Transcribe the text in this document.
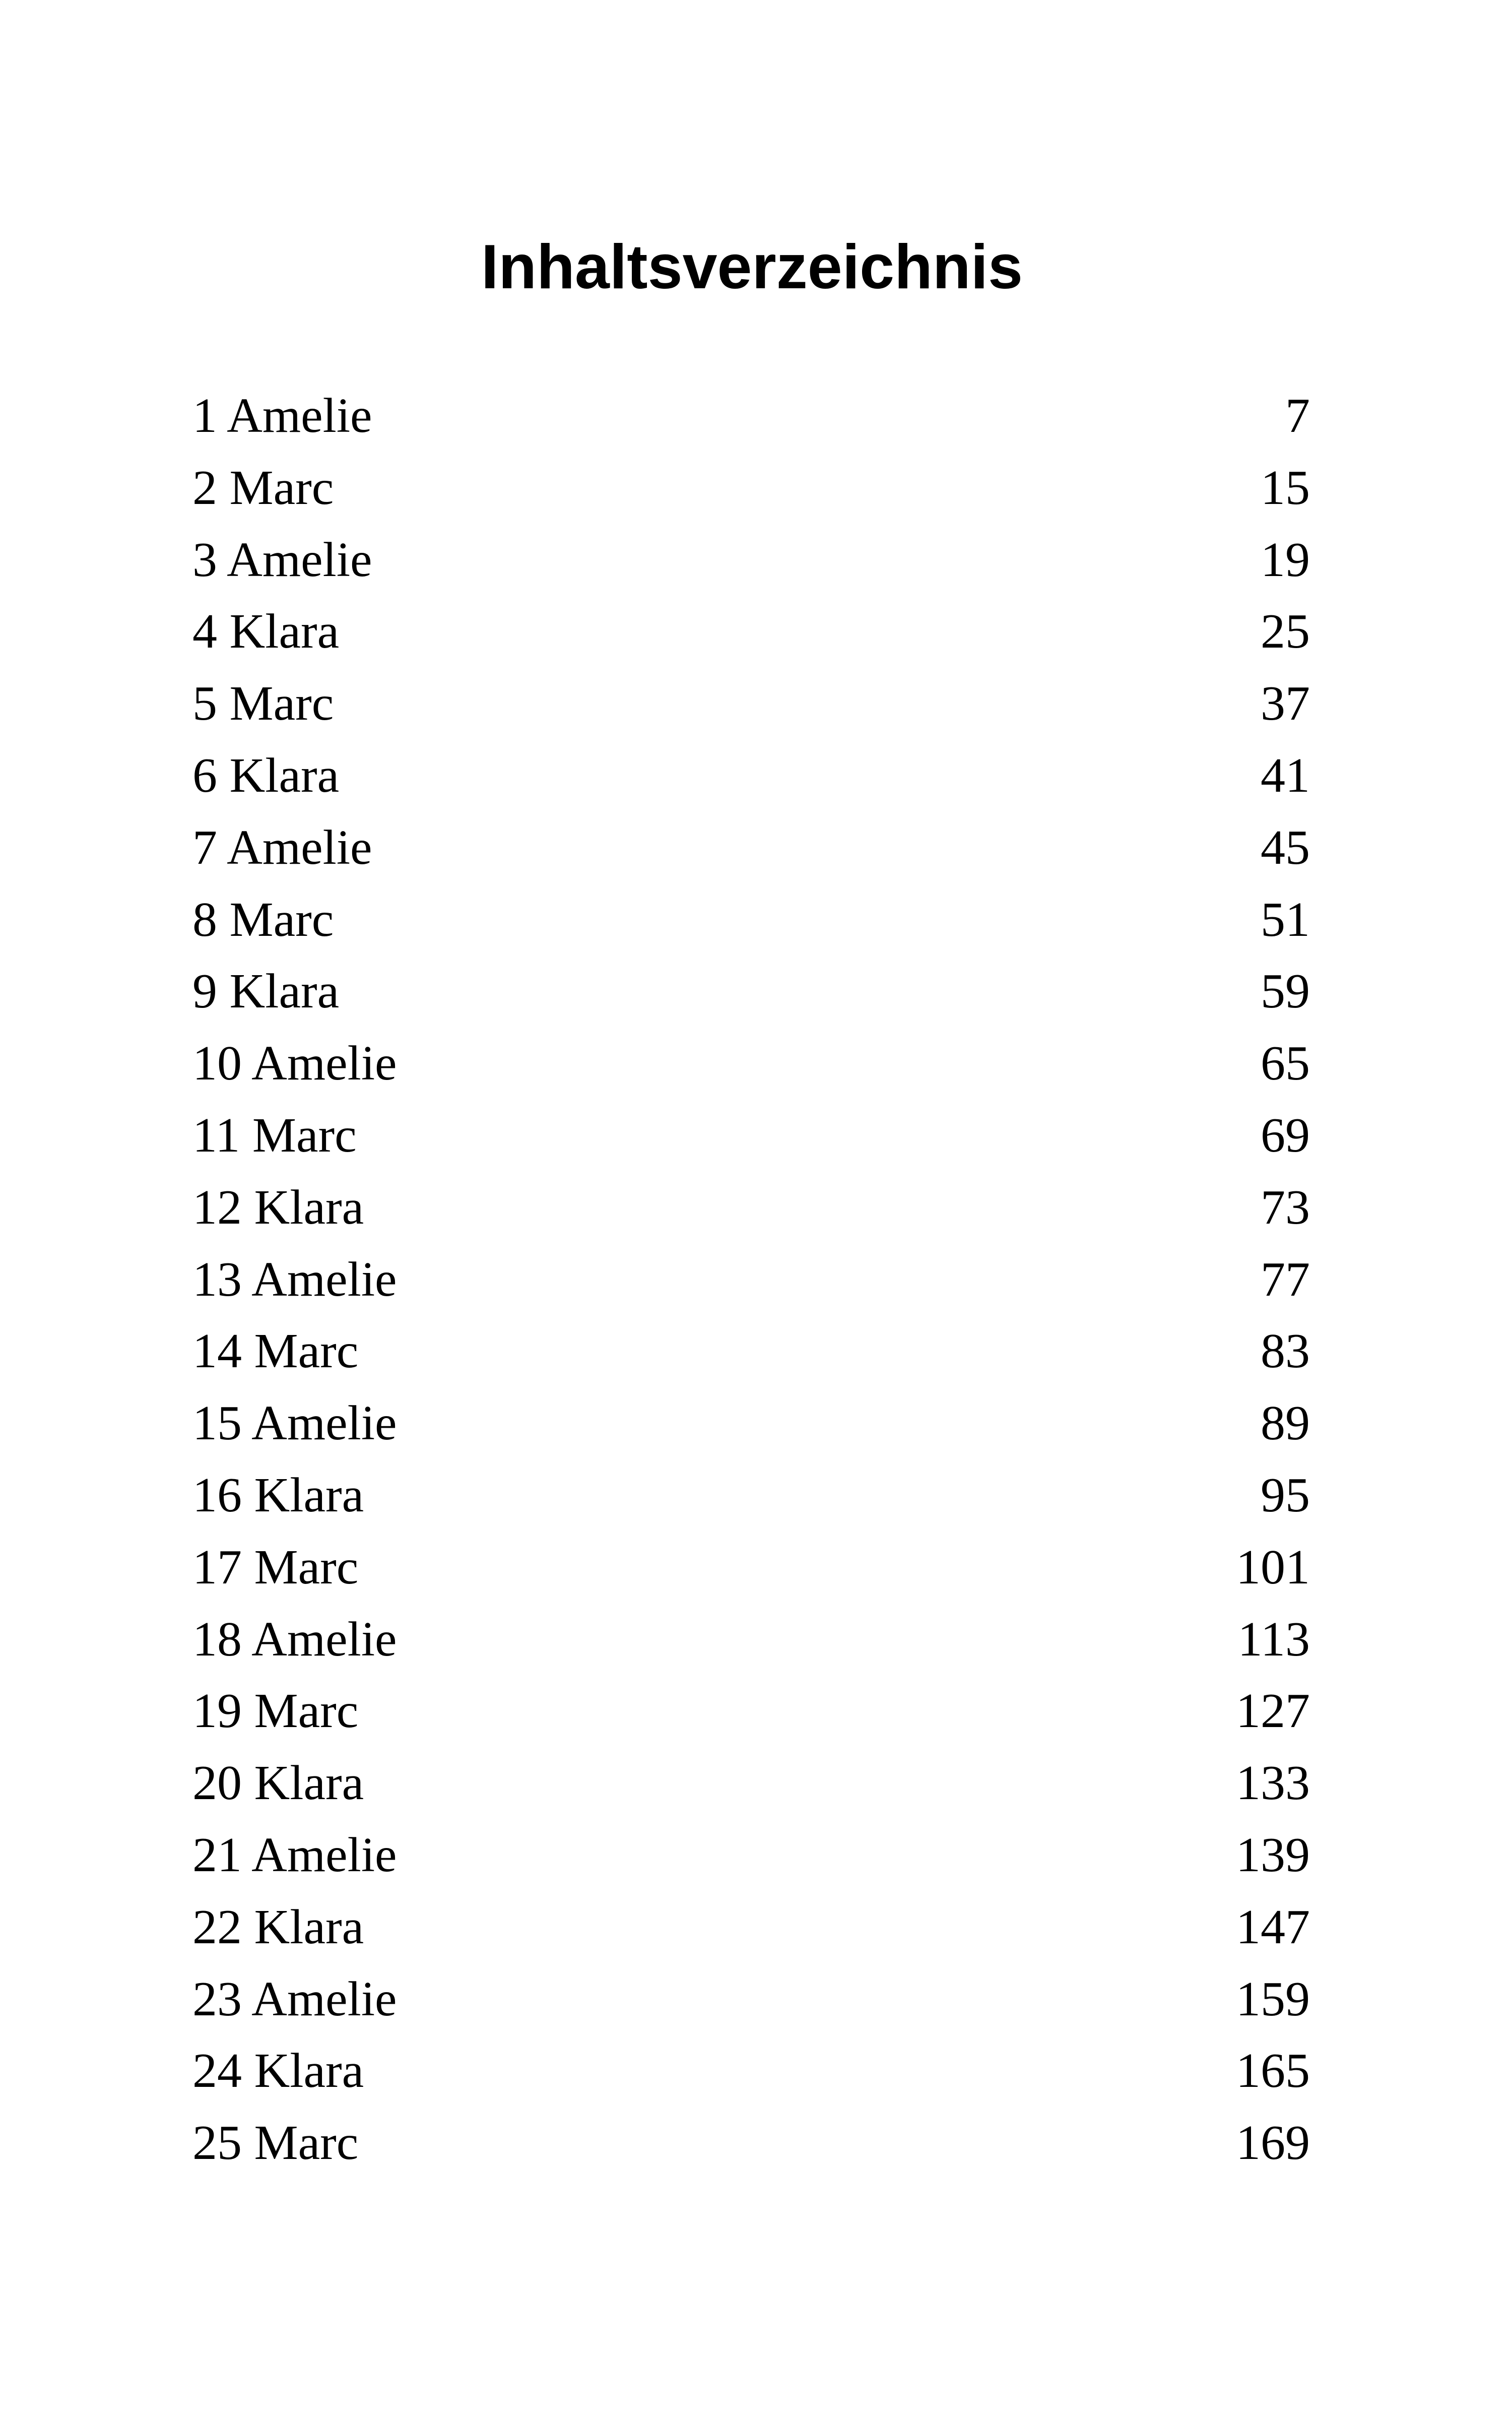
Inhaltsverzeichnis
1 Amelie	7
2 Marc	15
3 Amelie	19
4 Klara	25
5 Marc	37
6 Klara	41
7 Amelie	45
8 Marc	51
9 Klara	59
10 Amelie	65
11 Marc	69
12 Klara	73
13 Amelie	77
14 Marc	83
15 Amelie	89
16 Klara	95
17 Marc	101
18 Amelie	113
19 Marc	127
20 Klara	133
21 Amelie	139
22 Klara	147
23 Amelie	159
24 Klara	165
25 Marc	169
